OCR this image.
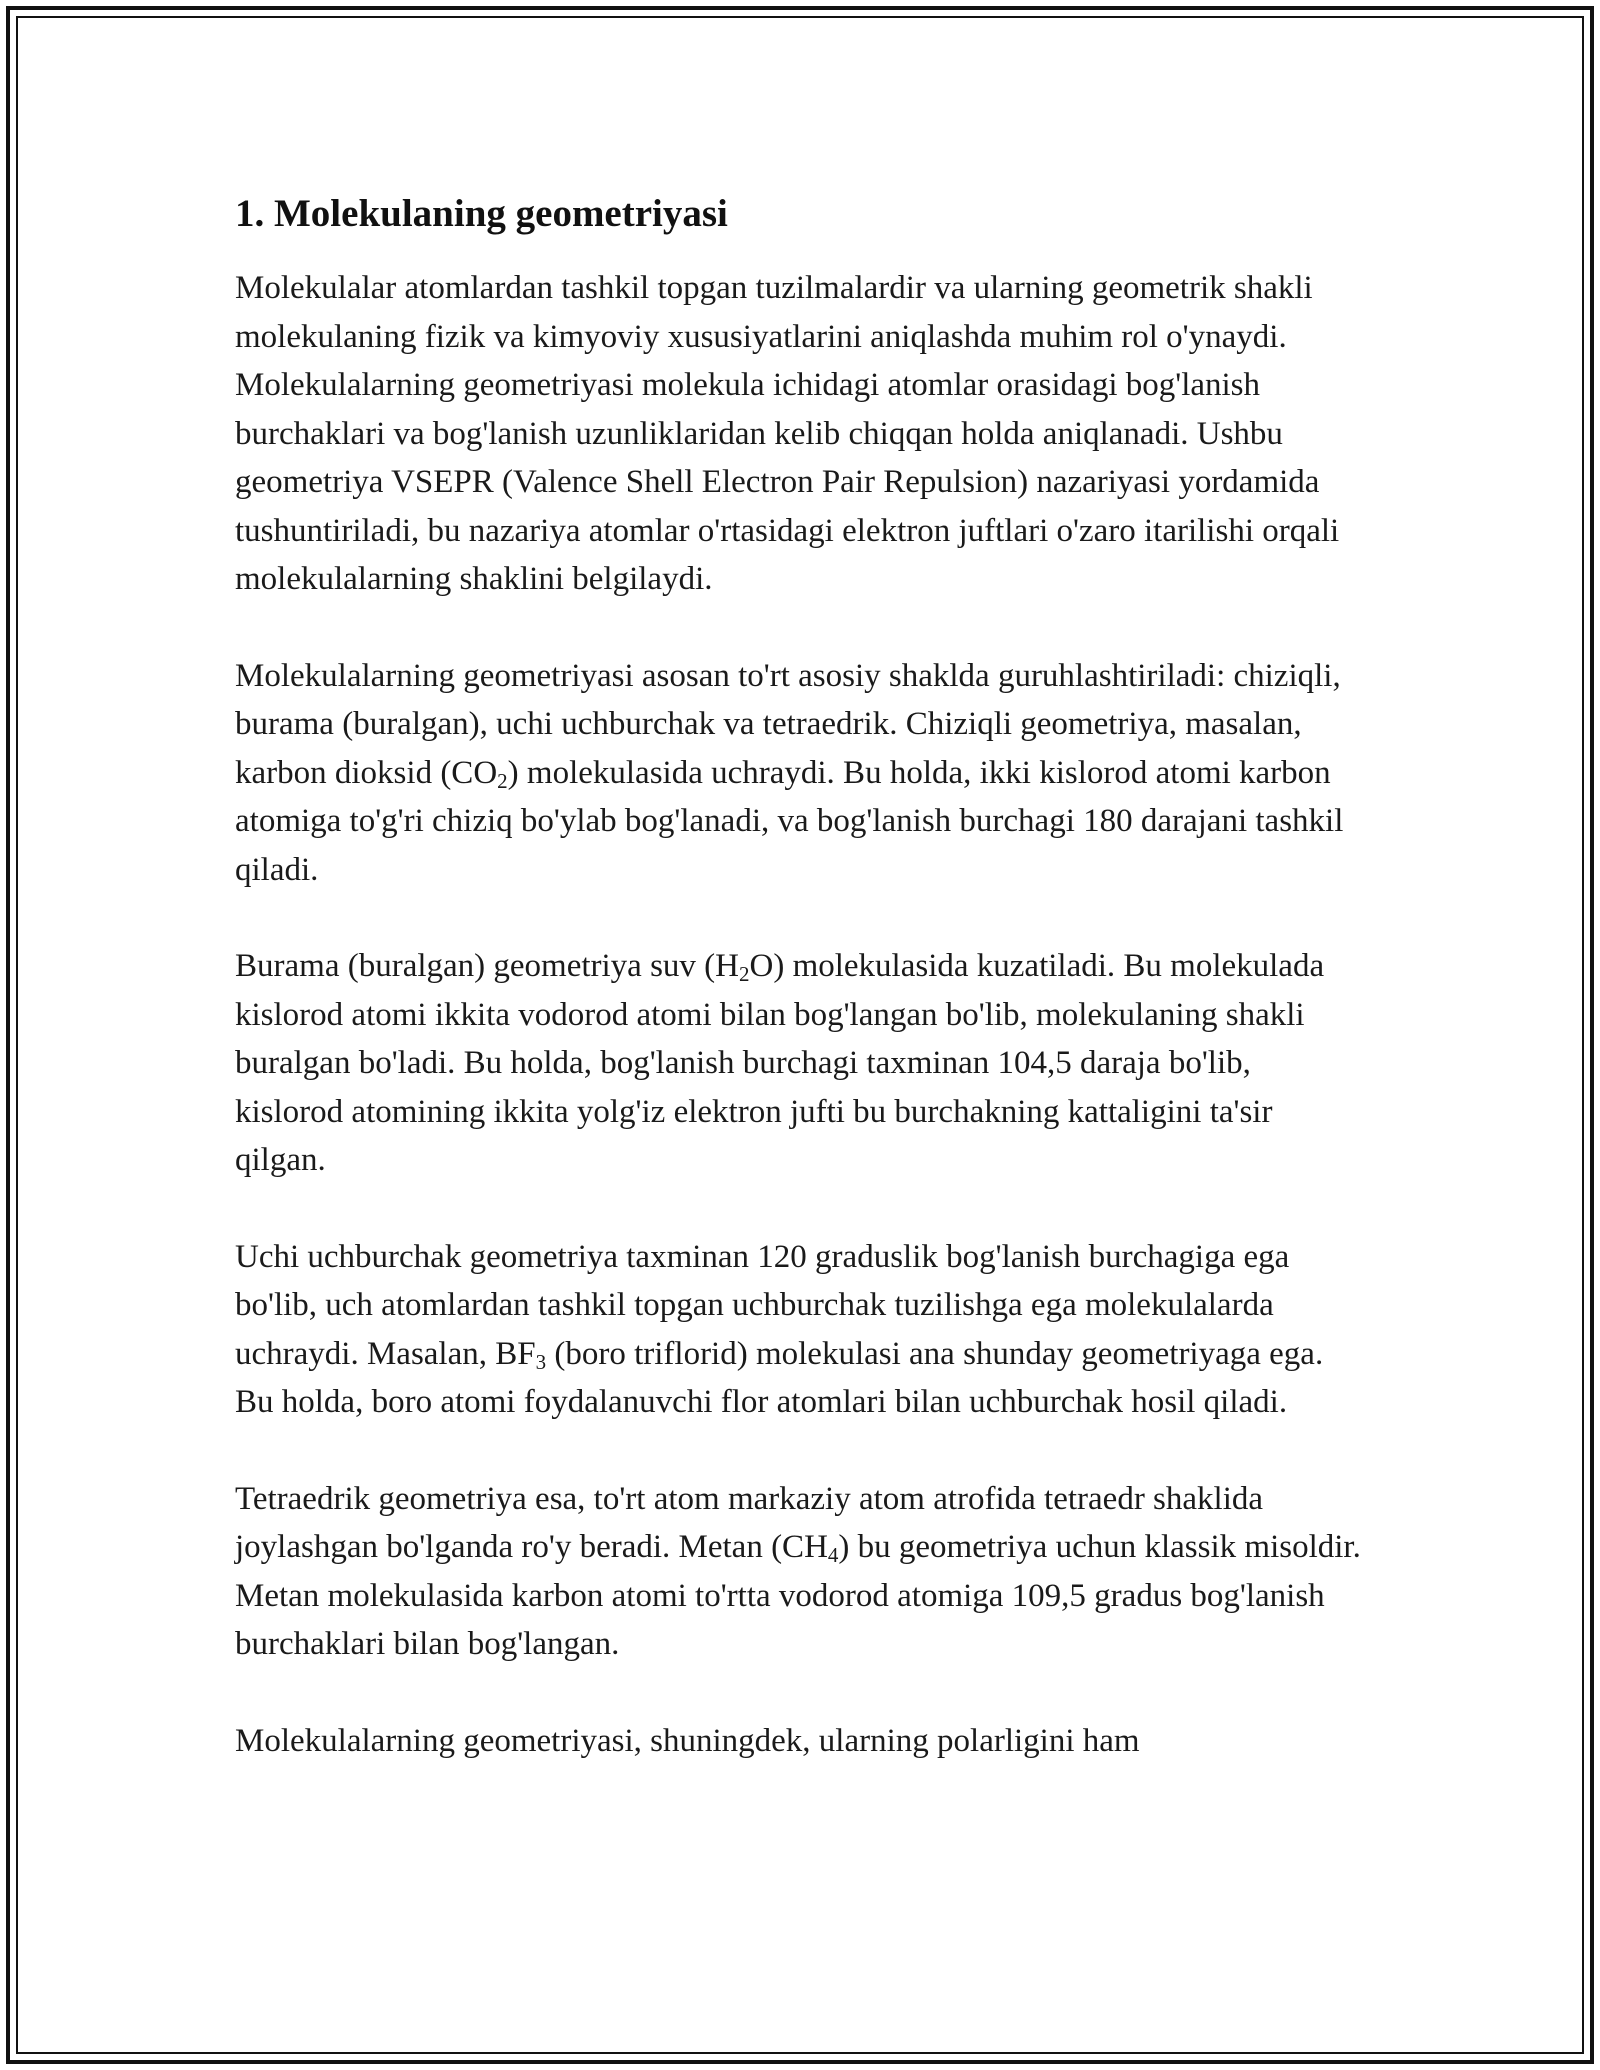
1. Molekulaning geometriyasi

Molekulalar atomlardan tashkil topgan tuzilmalardir va ularning geometrik shakli molekulaning fizik va kimyoviy xususiyatlarini aniqlashda muhim rol o'ynaydi. Molekulalarning geometriyasi molekula ichidagi atomlar orasidagi bog'lanish burchaklari va bog'lanish uzunliklaridan kelib chiqqan holda aniqlanadi. Ushbu geometriya VSEPR (Valence Shell Electron Pair Repulsion) nazariyasi yordamida tushuntiriladi, bu nazariya atomlar o'rtasidagi elektron juftlari o'zaro itarilishi orqali molekulalarning shaklini belgilaydi.

Molekulalarning geometriyasi asosan to'rt asosiy shaklda guruhlashtiriladi: chiziqli, burama (buralgan), uchi uchburchak va tetraedrik. Chiziqli geometriya, masalan, karbon dioksid $(CO_2)$ molekulasida uchraydi. Bu holda, ikki kislorod atomi karbon atomiga to'g'ri chiziq bo'ylab bog'lanadi, va bog'lanish burchagi 180 darajani tashkil qiladi.

Burama (buralgan) geometriya suv $(H_2O)$ molekulasida kuzatiladi. Bu molekulada kislorod atomi ikkita vodorod atomi bilan bog'langan bo'lib, molekulaning shakli buralgan bo'ladi. Bu holda, bog'lanish burchagi taxminan 104,5 daraja bo'lib, kislorod atomining ikkita yolg'iz elektron jufti bu burchakning kattaligini ta'sir qilgan.

Uchi uchburchak geometriya taxminan 120 graduslik bog'lanish burchagiga ega bo'lib, uch atomlardan tashkil topgan uchburchak tuzilishga ega molekulalarda uchraydi. Masalan, $BF_3$ (boro triflorid) molekulasi ana shunday geometriyaga ega. Bu holda, boro atomi foydalanuvchi flor atomlari bilan uchburchak hosil qiladi.

Tetraedrik geometriya esa, to'rt atom markaziy atom atrofida tetraedr shaklida joylashgan bo'lganda ro'y beradi. Metan $(CH_4)$ bu geometriya uchun klassik misoldir. Metan molekulasida karbon atomi to'rtta vodorod atomiga 109,5 gradus bog'lanish burchaklari bilan bog'langan.

Molekulalarning geometriyasi, shuningdek, ularning polarligini ham
